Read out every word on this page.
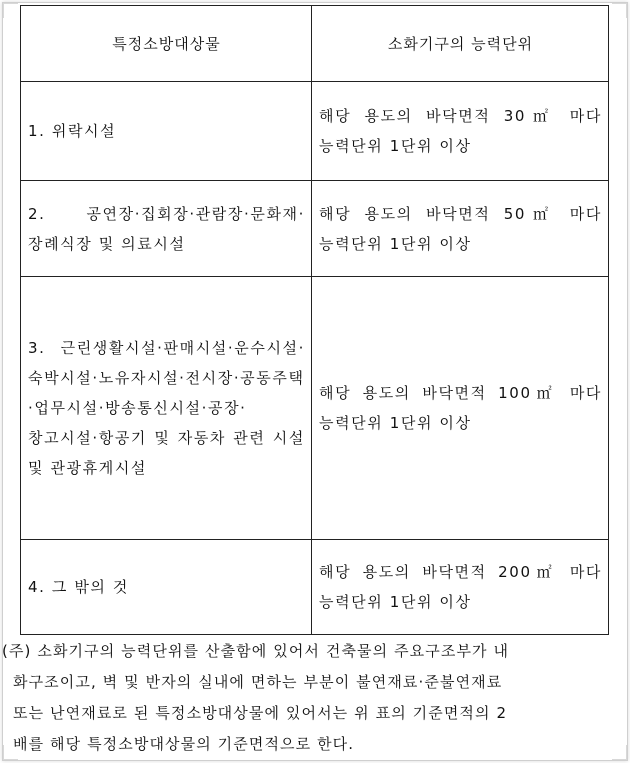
특정소방대상물	소화기구의 능력단위

1. 위락시설	해당 용도의 바닥면적 30㎡ 마다 능력단위 1단위 이상

2. 공연장·집회장·관람장·문화재·장례식장 및 의료시설	해당 용도의 바닥면적 50㎡ 마다 능력단위 1단위 이상

3. 근린생활시설·판매시설·운수시설·숙박시설·노유자시설·전시장·공동주택·업무시설·방송통신시설·공장·창고시설·항공기 및 자동차 관련 시설 및 관광휴게시설	해당 용도의 바닥면적 100㎡ 마다 능력단위 1단위 이상

4. 그 밖의 것	해당 용도의 바닥면적 200㎡ 마다 능력단위 1단위 이상
(주) 소화기구의 능력단위를 산출함에 있어서 건축물의 주요구조부가 내
화구조이고, 벽 및 반자의 실내에 면하는 부분이 불연재료·준불연재료
또는 난연재료로 된 특정소방대상물에 있어서는 위 표의 기준면적의 2
배를 해당 특정소방대상물의 기준면적으로 한다.
